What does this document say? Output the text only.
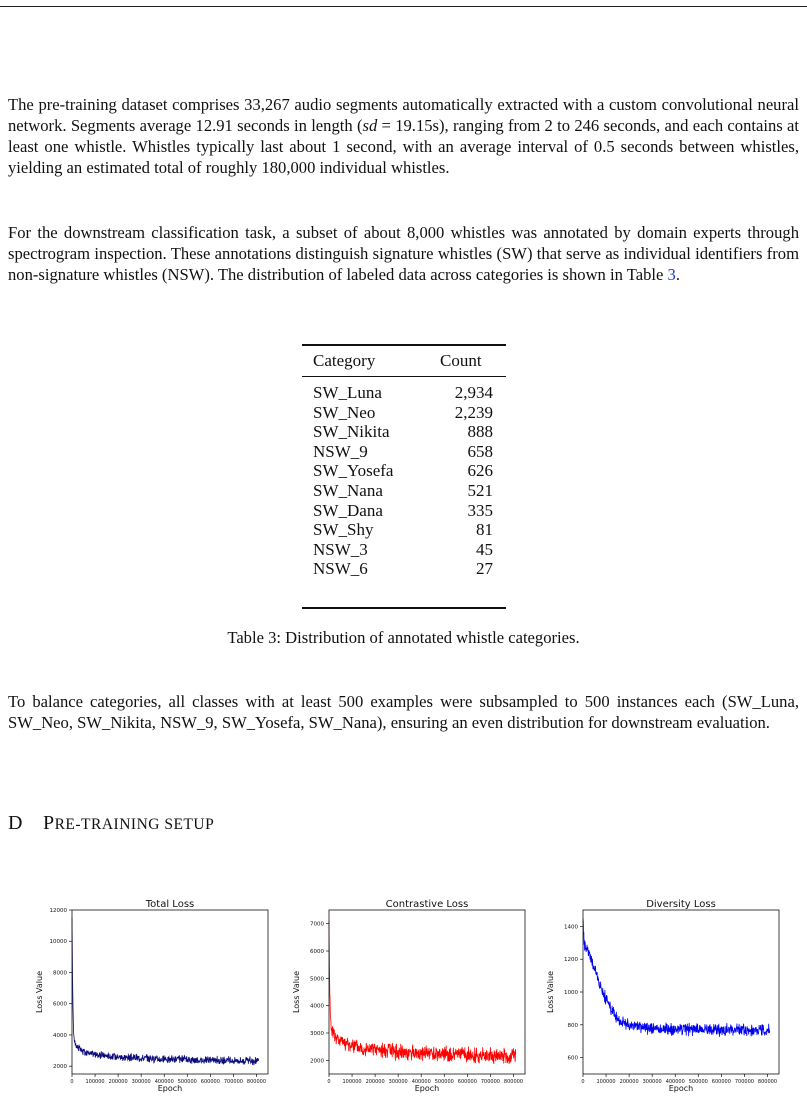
The pre-training dataset comprises 33,267 audio segments automatically extracted with a custom convolutional neural network. Segments average 12.91 seconds in length (sd = 19.15s), ranging from 2 to 246 seconds, and each contains at least one whistle. Whistles typically last about 1 second, with an average interval of 0.5 seconds between whistles, yielding an estimated total of roughly 180,000 individual whistles.

For the downstream classification task, a subset of about 8,000 whistles was annotated by domain experts through spectrogram inspection. These annotations distinguish signature whistles (SW) that serve as individual identifiers from non-signature whistles (NSW). The distribution of labeled data across categories is shown in Table 3.

Category	Count
SW_Luna	2,934
SW_Neo	2,239
SW_Nikita	888
NSW_9	658
SW_Yosefa	626
SW_Nana	521
SW_Dana	335
SW_Shy	81
NSW_3	45
NSW_6	27
Table 3: Distribution of annotated whistle categories.

To balance categories, all classes with at least 500 examples were subsampled to 500 instances each (SW_Luna, SW_Neo, SW_Nikita, NSW_9, SW_Yosefa, SW_Nana), ensuring an even distribution for downstream evaluation.

D PRE-TRAINING SETUP
Total Loss
0 100000 200000 300000 400000 500000 600000 700000 800000
2000
4000
6000
8000
10000
12000
Epoch
Loss Value
Contrastive Loss
0 100000 200000 300000 400000 500000 600000 700000 800000
2000
3000
4000
5000
6000
7000
Epoch
Loss Value
Diversity Loss
0 100000 200000 300000 400000 500000 600000 700000 800000
600
800
1000
1200
1400
Epoch
Loss Value
